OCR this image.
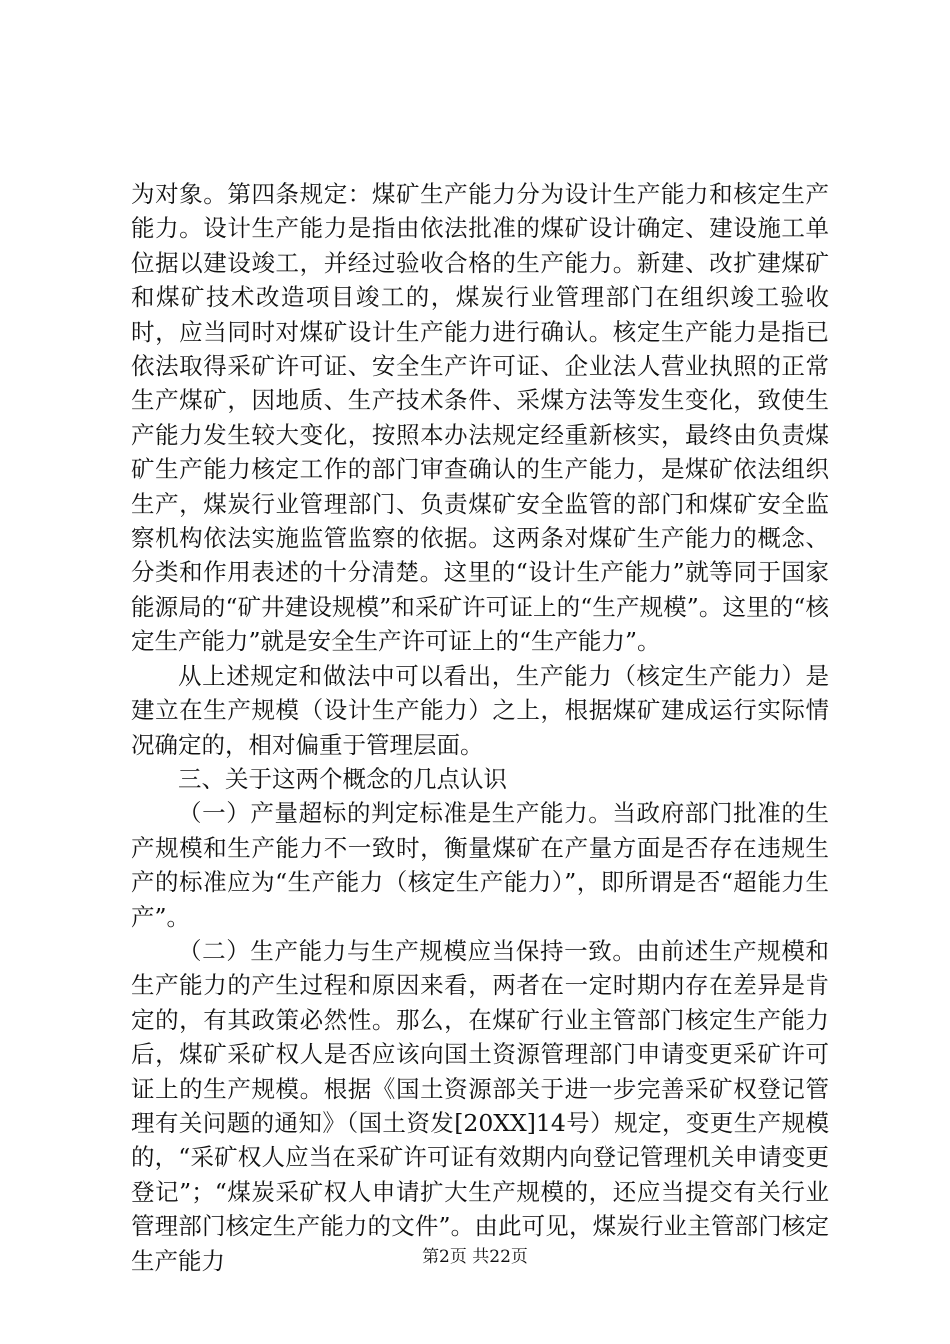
为对象。第四条规定：煤矿生产能力分为设计生产能力和核定生产能力。设计生产能力是指由依法批准的煤矿设计确定、建设施工单位据以建设竣工，并经过验收合格的生产能力。新建、改扩建煤矿和煤矿技术改造项目竣工的，煤炭行业管理部门在组织竣工验收时，应当同时对煤矿设计生产能力进行确认。核定生产能力是指已依法取得采矿许可证、安全生产许可证、企业法人营业执照的正常生产煤矿，因地质、生产技术条件、采煤方法等发生变化，致使生产能力发生较大变化，按照本办法规定经重新核实，最终由负责煤矿生产能力核定工作的部门审查确认的生产能力，是煤矿依法组织生产，煤炭行业管理部门、负责煤矿安全监管的部门和煤矿安全监察机构依法实施监管监察的依据。这两条对煤矿生产能力的概念、分类和作用表述的十分清楚。这里的“设计生产能力”就等同于国家能源局的“矿井建设规模”和采矿许可证上的“生产规模”。这里的“核定生产能力”就是安全生产许可证上的“生产能力”。

从上述规定和做法中可以看出，生产能力（核定生产能力）是建立在生产规模（设计生产能力）之上，根据煤矿建成运行实际情况确定的，相对偏重于管理层面。

三、关于这两个概念的几点认识

（一）产量超标的判定标准是生产能力。当政府部门批准的生产规模和生产能力不一致时，衡量煤矿在产量方面是否存在违规生产的标准应为“生产能力（核定生产能力）”，即所谓是否“超能力生产”。

（二）生产能力与生产规模应当保持一致。由前述生产规模和生产能力的产生过程和原因来看，两者在一定时期内存在差异是肯定的，有其政策必然性。那么，在煤矿行业主管部门核定生产能力后，煤矿采矿权人是否应该向国土资源管理部门申请变更采矿许可证上的生产规模。根据《国土资源部关于进一步完善采矿权登记管理有关问题的通知》（国土资发[20XX]14号）规定，变更生产规模的，“采矿权人应当在采矿许可证有效期内向登记管理机关申请变更登记”；“煤炭采矿权人申请扩大生产规模的，还应当提交有关行业管理部门核定生产能力的文件”。由此可见，煤炭行业主管部门核定生产能力	第2页 共22页
